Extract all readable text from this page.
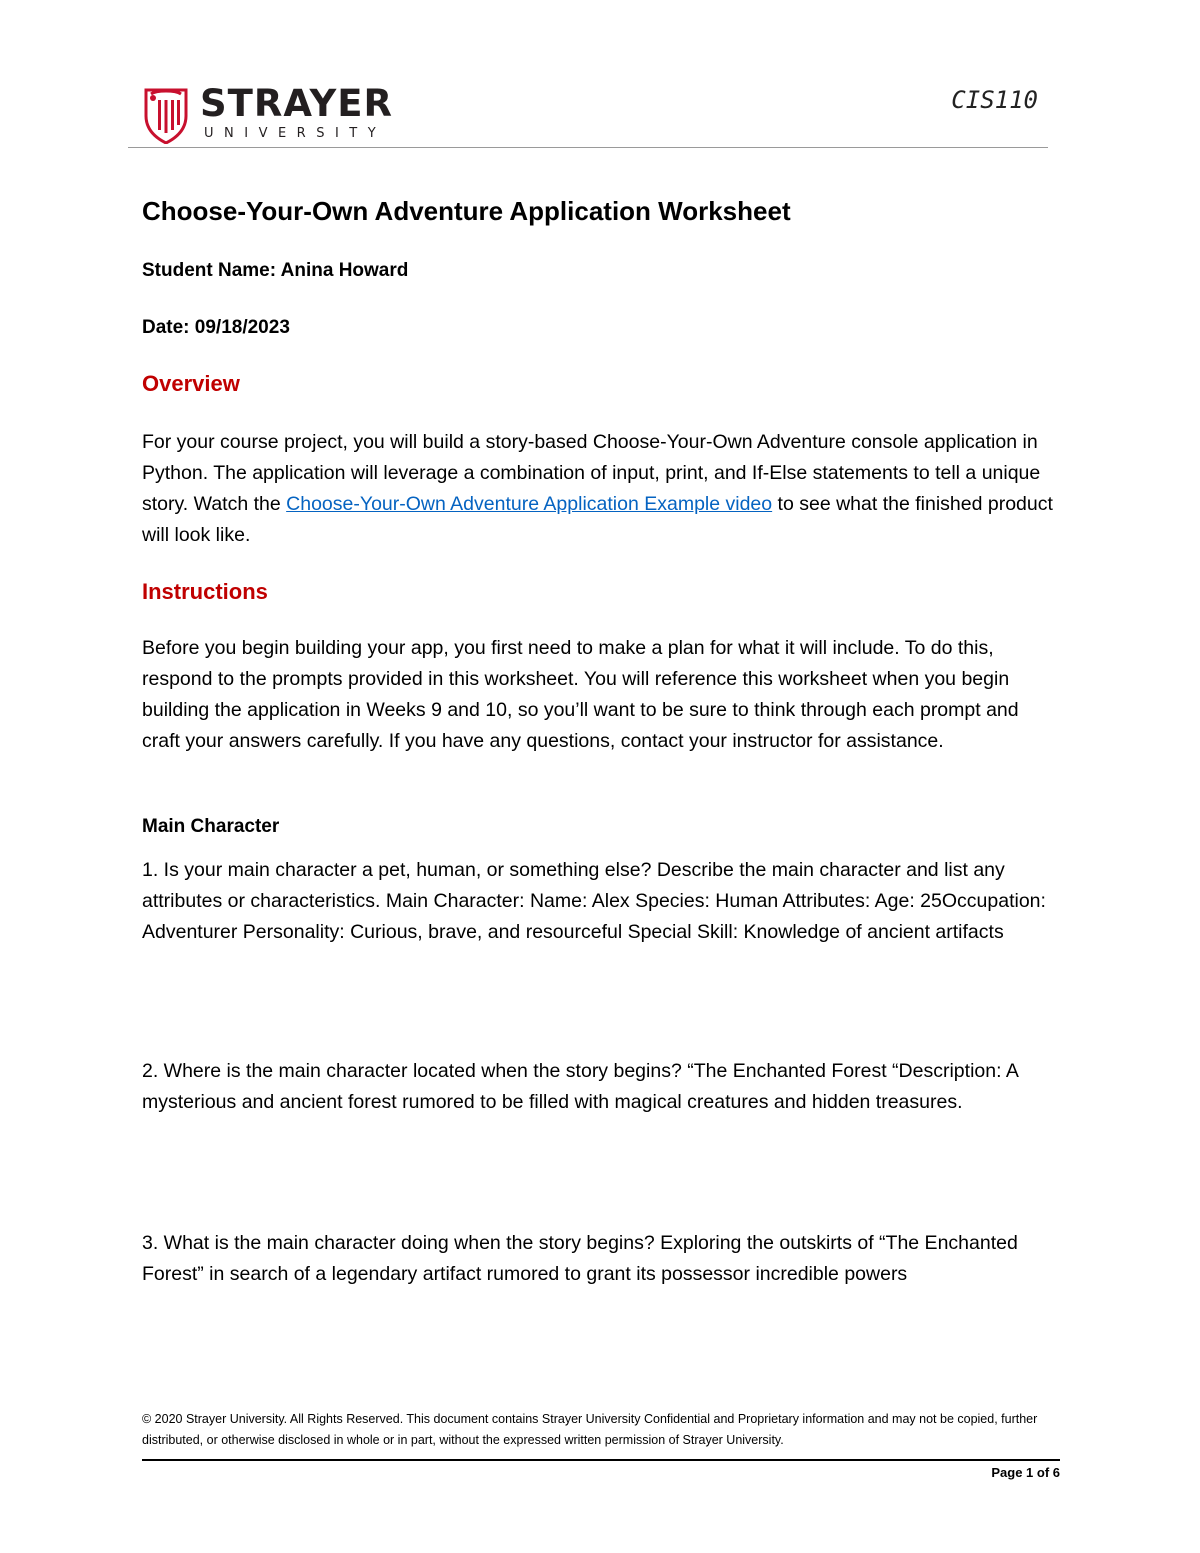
STRAYER
UNIVERSITY
CIS110
Choose-Your-Own Adventure Application Worksheet
Student Name: Anina Howard
Date: 09/18/2023
Overview

For your course project, you will build a story-based Choose-Your-Own Adventure console application in Python. The application will leverage a combination of input, print, and If-Else statements to tell a unique story. Watch the Choose-Your-Own Adventure Application Example video to see what the finished product will look like.

Instructions

Before you begin building your app, you first need to make a plan for what it will include. To do this, respond to the prompts provided in this worksheet. You will reference this worksheet when you begin building the application in Weeks 9 and 10, so you’ll want to be sure to think through each prompt and craft your answers carefully. If you have any questions, contact your instructor for assistance.

Main Character

1. Is your main character a pet, human, or something else? Describe the main character and list any attributes or characteristics. Main Character: Name: Alex Species: Human Attributes: Age: 25Occupation: Adventurer Personality: Curious, brave, and resourceful Special Skill: Knowledge of ancient artifacts

2. Where is the main character located when the story begins? “The Enchanted Forest “Description: A mysterious and ancient forest rumored to be filled with magical creatures and hidden treasures.

3. What is the main character doing when the story begins? Exploring the outskirts of “The Enchanted Forest” in search of a legendary artifact rumored to grant its possessor incredible powers

© 2020 Strayer University. All Rights Reserved. This document contains Strayer University Confidential and Proprietary information and may not be copied, further distributed, or otherwise disclosed in whole or in part, without the expressed written permission of Strayer University.
Page 1 of 6
